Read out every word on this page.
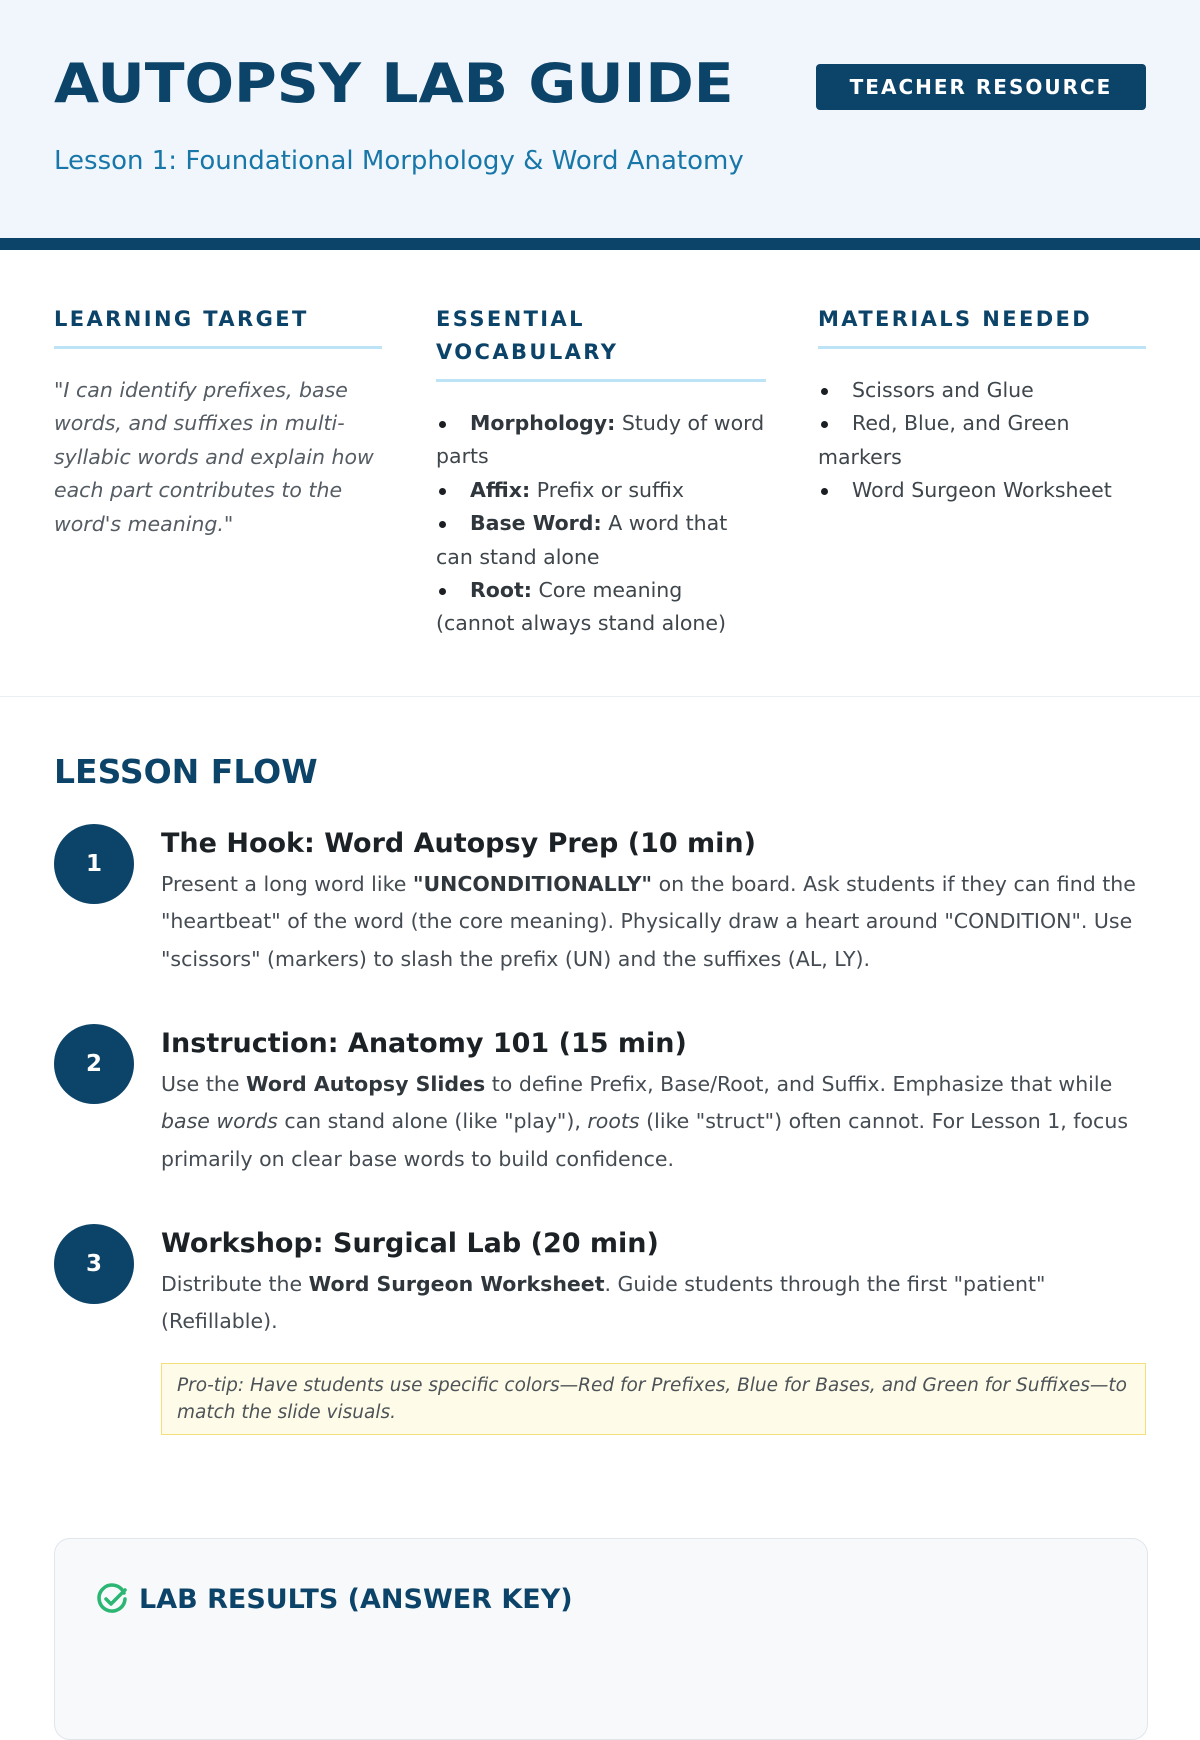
AUTOPSY LAB GUIDE	TEACHER RESOURCE
Lesson 1: Foundational Morphology & Word Anatomy
LEARNING TARGET

"I can identify prefixes, base words, and suffixes in multi-syllabic words and explain how each part contributes to the word's meaning."

ESSENTIAL VOCABULARY
Morphology: Study of word parts
Affix: Prefix or suffix
Base Word: A word that can stand alone
Root: Core meaning (cannot always stand alone)
MATERIALS NEEDED
Scissors and Glue
Red, Blue, and Green markers
Word Surgeon Worksheet
LESSON FLOW
1
The Hook: Word Autopsy Prep (10 min)

Present a long word like "UNCONDITIONALLY" on the board. Ask students if they can find the "heartbeat" of the word (the core meaning). Physically draw a heart around "CONDITION". Use "scissors" (markers) to slash the prefix (UN) and the suffixes (AL, LY).

2
Instruction: Anatomy 101 (15 min)

Use the Word Autopsy Slides to define Prefix, Base/Root, and Suffix. Emphasize that while base words can stand alone (like "play"), roots (like "struct") often cannot. For Lesson 1, focus primarily on clear base words to build confidence.

3
Workshop: Surgical Lab (20 min)

Distribute the Word Surgeon Worksheet. Guide students through the first "patient" (Refillable).

Pro-tip: Have students use specific colors—Red for Prefixes, Blue for Bases, and Green for Suffixes—to match the slide visuals.
LAB RESULTS (ANSWER KEY)
